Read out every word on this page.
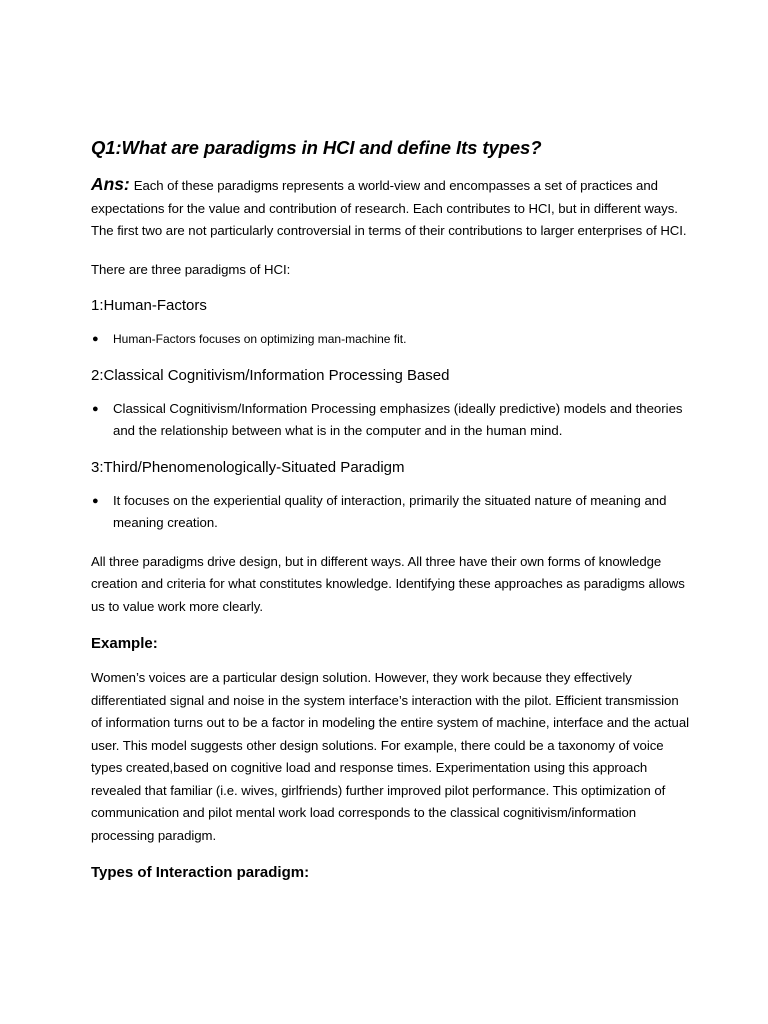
Q1:What are paradigms in HCI and define Its types?

Ans: Each of these paradigms represents a world-view and encompasses a set of practices and expectations for the value and contribution of research. Each contributes to HCI, but in different ways. The first two are not particularly controversial in terms of their contributions to larger enterprises of HCI.

There are three paradigms of HCI:

1:Human-Factors
● Human-Factors focuses on optimizing man-machine fit.
2:Classical Cognitivism/Information Processing Based
● Classical Cognitivism/Information Processing emphasizes (ideally predictive) models and theories and the relationship between what is in the computer and in the human mind.
3:Third/Phenomenologically-Situated Paradigm
● It focuses on the experiential quality of interaction, primarily the situated nature of meaning and meaning creation.

All three paradigms drive design, but in different ways. All three have their own forms of knowledge creation and criteria for what constitutes knowledge. Identifying these approaches as paradigms allows us to value work more clearly.

Example:

Women’s voices are a particular design solution. However, they work because they effectively differentiated signal and noise in the system interface’s interaction with the pilot. Efficient transmission of information turns out to be a factor in modeling the entire system of machine, interface and the actual user. This model suggests other design solutions. For example, there could be a taxonomy of voice types created,based on cognitive load and response times. Experimentation using this approach revealed that familiar (i.e. wives, girlfriends) further improved pilot performance. This optimization of communication and pilot mental work load corresponds to the classical cognitivism/information processing paradigm.

Types of Interaction paradigm:
